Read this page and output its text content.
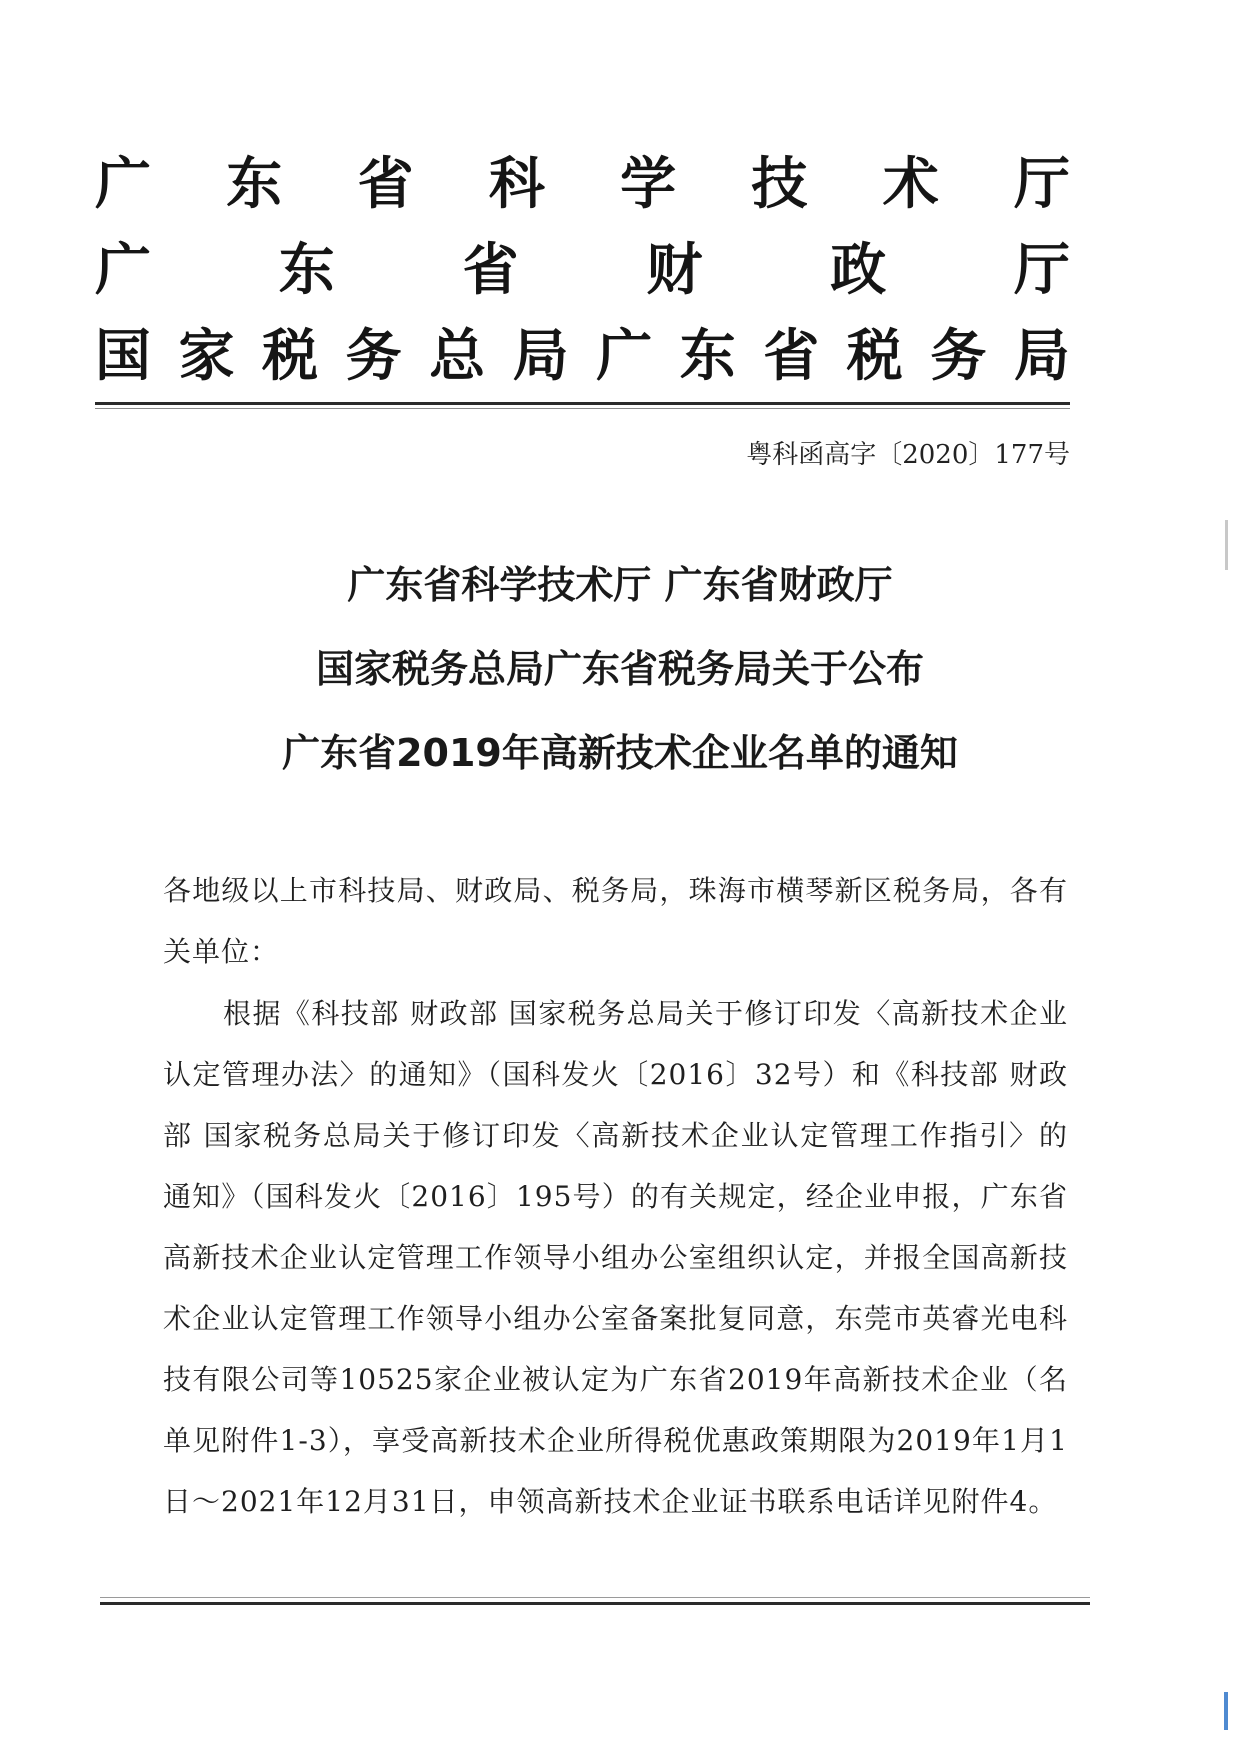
广 东 省 科 学 技 术 厅
广 东 省 财 政 厅
国 家 税 务 总 局 广 东 省 税 务 局
粤科函高字〔2020〕177号
广东省科学技术厅 广东省财政厅
国家税务总局广东省税务局关于公布
广东省2019年高新技术企业名单的通知
各地级以上市科技局、财政局、税务局，珠海市横琴新区税务局，各有关单位：
根据《科技部 财政部 国家税务总局关于修订印发〈高新技术企业认定管理办法〉的通知》（国科发火〔2016〕32号）和《科技部 财政部 国家税务总局关于修订印发〈高新技术企业认定管理工作指引〉的通知》（国科发火〔2016〕195号）的有关规定，经企业申报，广东省高新技术企业认定管理工作领导小组办公室组织认定，并报全国高新技术企业认定管理工作领导小组办公室备案批复同意，东莞市英睿光电科技有限公司等10525家企业被认定为广东省2019年高新技术企业（名单见附件1-3），享受高新技术企业所得税优惠政策期限为2019年1月1日～2021年12月31日，申领高新技术企业证书联系电话详见附件4。
